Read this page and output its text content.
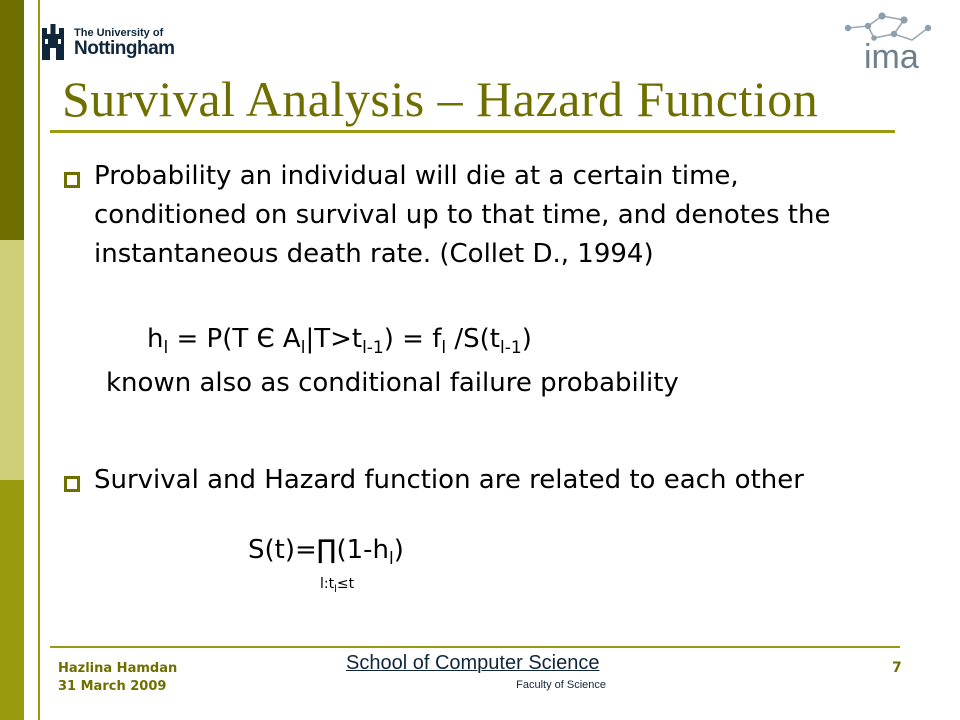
The University of
Nottingham	ima
Survival Analysis – Hazard Function

Probability an individual will die at a certain time, conditioned on survival up to that time, and denotes the instantaneous death rate. (Collet D., 1994)

$h_l = P(T$ Є $A_l|T>t_{l-1}) = f_l$ $/S(t_{l-1})$

known also as conditional failure probability

Survival and Hazard function are related to each other

$S(t)=\prod(1-h_l)$

$l:t_l\le t$

Hazlina Hamdan
31 March 2009
School of Computer Science
Faculty of Science
7
